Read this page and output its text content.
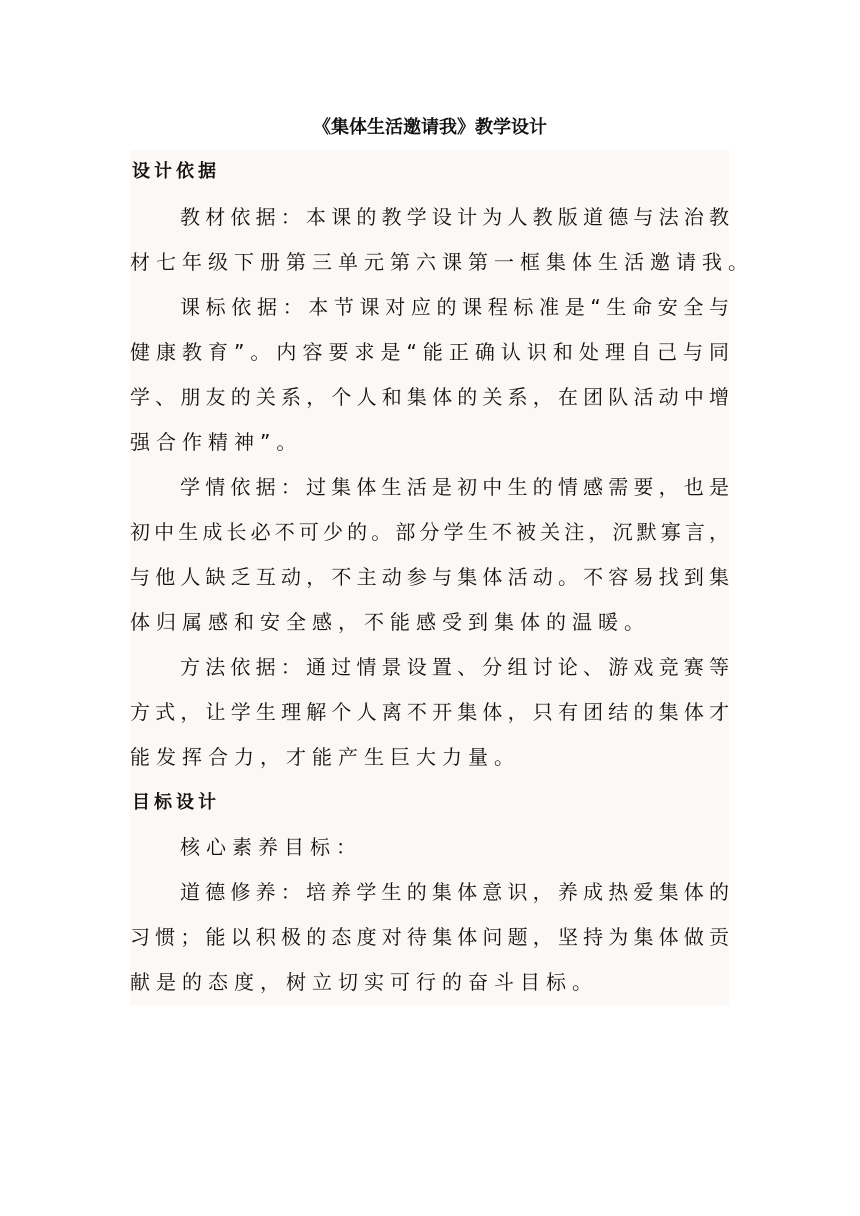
《集体生活邀请我》教学设计
设计依据
教材依据：本课的教学设计为人教版道德与法治教
材七年级下册第三单元第六课第一框集体生活邀请我。
课标依据：本节课对应的课程标准是“生命安全与
健康教育”。内容要求是“能正确认识和处理自己与同
学、朋友的关系，个人和集体的关系，在团队活动中增
强合作精神”。
学情依据：过集体生活是初中生的情感需要，也是
初中生成长必不可少的。部分学生不被关注，沉默寡言，
与他人缺乏互动，不主动参与集体活动。不容易找到集
体归属感和安全感，不能感受到集体的温暖。
方法依据：通过情景设置、分组讨论、游戏竞赛等
方式，让学生理解个人离不开集体，只有团结的集体才
能发挥合力，才能产生巨大力量。
目标设计
核心素养目标：
道德修养：培养学生的集体意识，养成热爱集体的
习惯；能以积极的态度对待集体问题，坚持为集体做贡
献是的态度，树立切实可行的奋斗目标。
